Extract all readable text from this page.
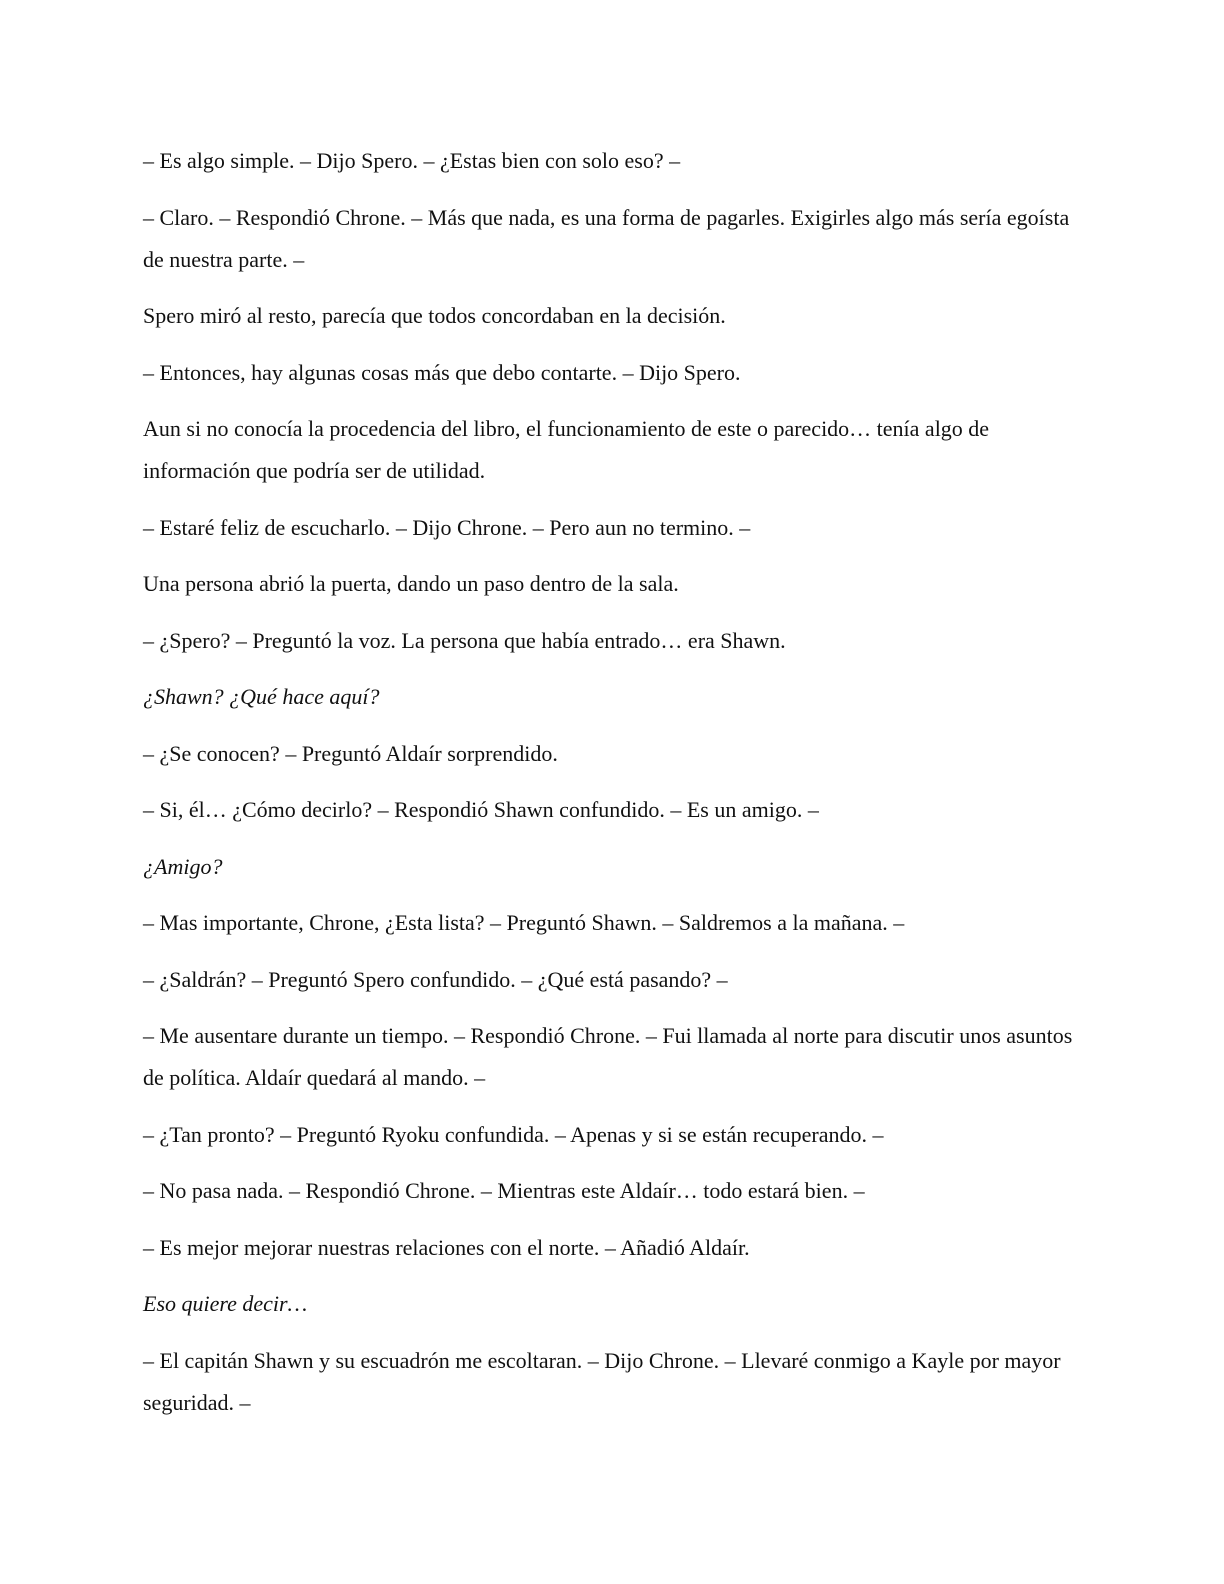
– Es algo simple. – Dijo Spero. – ¿Estas bien con solo eso? –

– Claro. – Respondió Chrone. – Más que nada, es una forma de pagarles. Exigirles algo más sería egoísta de nuestra parte. –

Spero miró al resto, parecía que todos concordaban en la decisión.

– Entonces, hay algunas cosas más que debo contarte. – Dijo Spero.

Aun si no conocía la procedencia del libro, el funcionamiento de este o parecido… tenía algo de información que podría ser de utilidad.

– Estaré feliz de escucharlo. – Dijo Chrone. – Pero aun no termino. –

Una persona abrió la puerta, dando un paso dentro de la sala.

– ¿Spero? – Preguntó la voz. La persona que había entrado… era Shawn.

¿Shawn? ¿Qué hace aquí?

– ¿Se conocen? – Preguntó Aldaír sorprendido.

– Si, él… ¿Cómo decirlo? – Respondió Shawn confundido. – Es un amigo. –

¿Amigo?

– Mas importante, Chrone, ¿Esta lista? – Preguntó Shawn. – Saldremos a la mañana. –

– ¿Saldrán? – Preguntó Spero confundido. – ¿Qué está pasando? –

– Me ausentare durante un tiempo. – Respondió Chrone. – Fui llamada al norte para discutir unos asuntos de política. Aldaír quedará al mando. –

– ¿Tan pronto? – Preguntó Ryoku confundida. – Apenas y si se están recuperando. –

– No pasa nada. – Respondió Chrone. – Mientras este Aldaír… todo estará bien. –

– Es mejor mejorar nuestras relaciones con el norte. – Añadió Aldaír.

Eso quiere decir…

– El capitán Shawn y su escuadrón me escoltaran. – Dijo Chrone. – Llevaré conmigo a Kayle por mayor seguridad. –
